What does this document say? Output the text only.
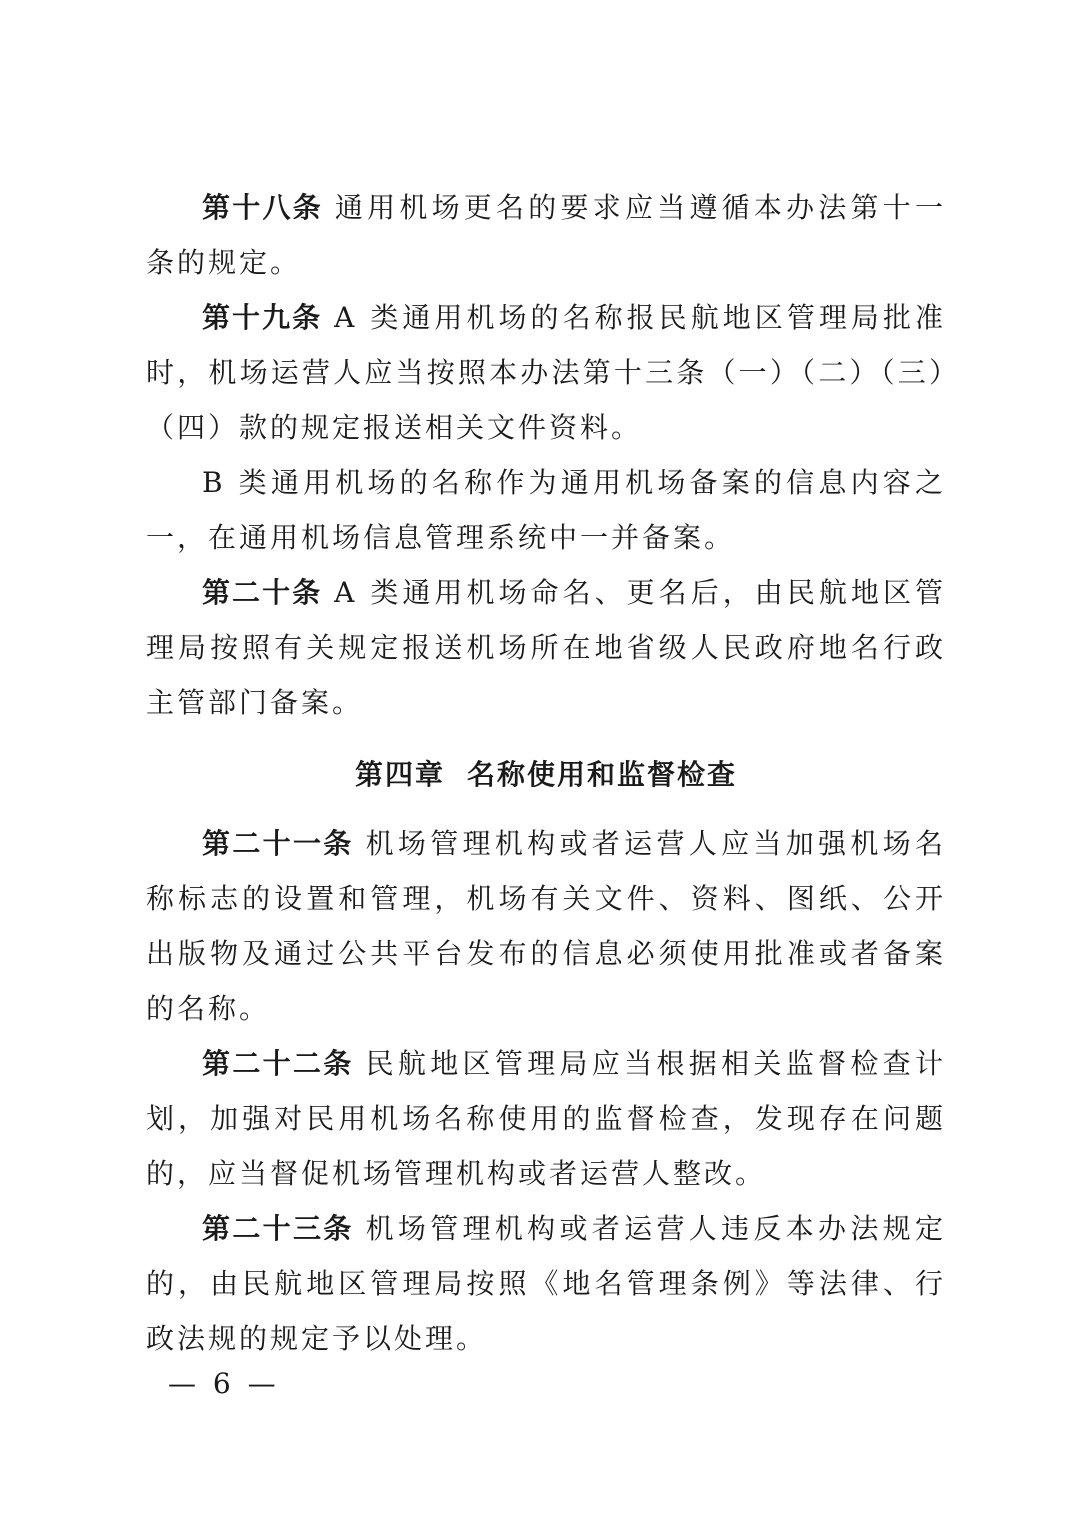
第十八条 通用机场更名的要求应当遵循本办法第十一条的规定。

第十九条 A 类通用机场的名称报民航地区管理局批准时，机场运营人应当按照本办法第十三条（一）（二）（三）（四）款的规定报送相关文件资料。

B 类通用机场的名称作为通用机场备案的信息内容之一，在通用机场信息管理系统中一并备案。

第二十条 A 类通用机场命名、更名后，由民航地区管理局按照有关规定报送机场所在地省级人民政府地名行政主管部门备案。

第四章 名称使用和监督检查

第二十一条 机场管理机构或者运营人应当加强机场名称标志的设置和管理，机场有关文件、资料、图纸、公开出版物及通过公共平台发布的信息必须使用批准或者备案的名称。

第二十二条 民航地区管理局应当根据相关监督检查计划，加强对民用机场名称使用的监督检查，发现存在问题的，应当督促机场管理机构或者运营人整改。

第二十三条 机场管理机构或者运营人违反本办法规定的，由民航地区管理局按照《地名管理条例》等法律、行政法规的规定予以处理。

— 6 —
